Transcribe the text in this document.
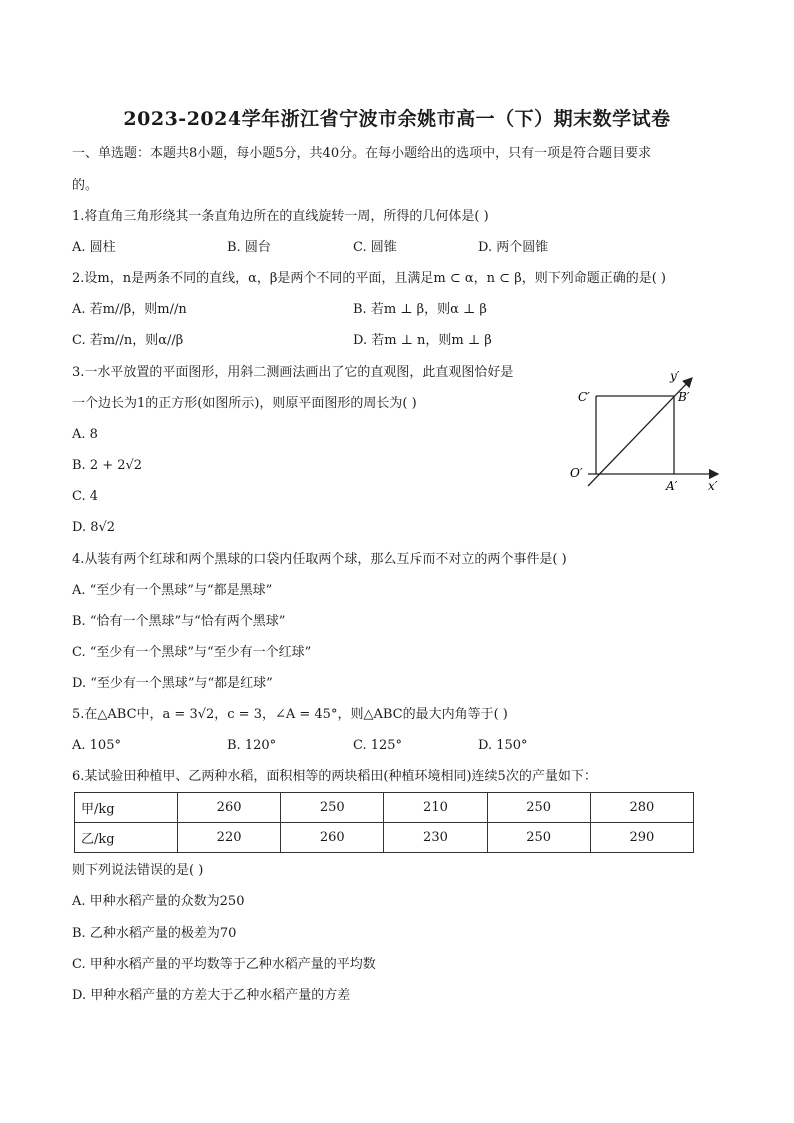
2023-2024学年浙江省宁波市余姚市高一（下）期末数学试卷
一、单选题：本题共8小题，每小题5分，共40分。在每小题给出的选项中，只有一项是符合题目要求
的。
1.将直角三角形绕其一条直角边所在的直线旋转一周，所得的几何体是( )
A. 圆柱	B. 圆台	C. 圆锥	D. 两个圆锥
2.设m，n是两条不同的直线，α，β是两个不同的平面，且满足m ⊂ α，n ⊂ β，则下列命题正确的是( )
A. 若m//β，则m//n	B. 若m ⊥ β，则α ⊥ β
C. 若m//n，则α//β	D. 若m ⊥ n，则m ⊥ β
3.一水平放置的平面图形，用斜二测画法画出了它的直观图，此直观图恰好是
一个边长为1的正方形(如图所示)，则原平面图形的周长为( )
A. 8
B. 2 + 2√2
C. 4
D. 8√2
y′
x′
O′
A′
B′
C′
4.从装有两个红球和两个黑球的口袋内任取两个球，那么互斥而不对立的两个事件是( )
A. “至少有一个黑球”与“都是黑球”
B. “恰有一个黑球”与“恰有两个黑球”
C. “至少有一个黑球”与“至少有一个红球”
D. “至少有一个黑球”与“都是红球”
5.在△ABC中，a = 3√2，c = 3，∠A = 45°，则△ABC的最大内角等于( )
A. 105°	B. 120°	C. 125°	D. 150°
6.某试验田种植甲、乙两种水稻，面积相等的两块稻田(种植环境相同)连续5次的产量如下：
甲/kg	260	250	210	250	280
乙/kg	220	260	230	250	290
则下列说法错误的是( )
A. 甲种水稻产量的众数为250
B. 乙种水稻产量的极差为70
C. 甲种水稻产量的平均数等于乙种水稻产量的平均数
D. 甲种水稻产量的方差大于乙种水稻产量的方差
